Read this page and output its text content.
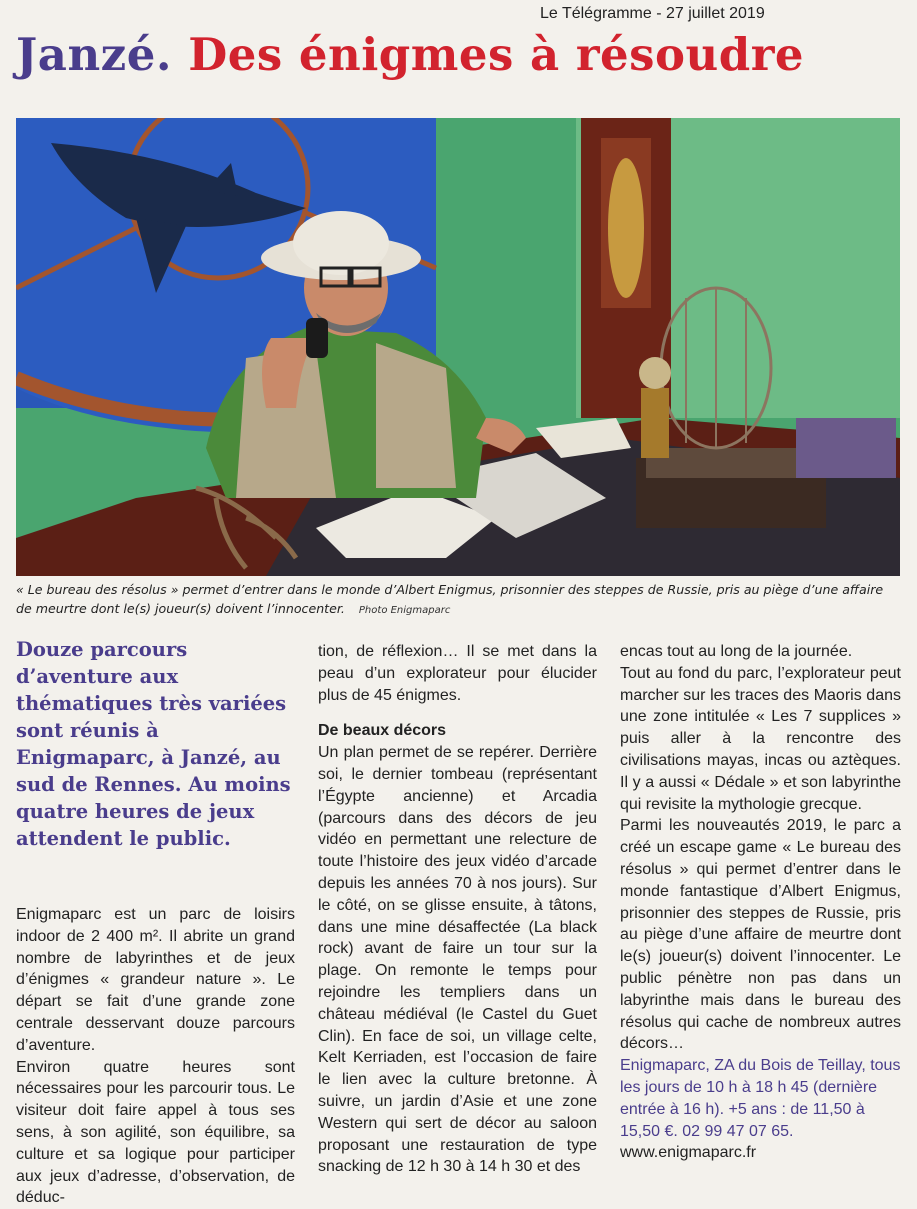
Le Télégramme - 27 juillet 2019
Janzé. Des énigmes à résoudre
« Le bureau des résolus » permet d’entrer dans le monde d’Albert Enigmus, prisonnier des steppes de Russie, pris au piège d’une affaire de meurtre dont le(s) joueur(s) doivent l’innocenter. Photo Enigmaparc

Douze parcours d’aventure aux thématiques très variées sont réunis à Enigmaparc, à Janzé, au sud de Rennes. Au moins quatre heures de jeux attendent le public.

Enigmaparc est un parc de loisirs indoor de 2 400 m². Il abrite un grand nombre de labyrinthes et de jeux d’énigmes « grandeur nature ». Le départ se fait d’une grande zone centrale desservant douze parcours d’aventure.

Environ quatre heures sont nécessaires pour les parcourir tous. Le visiteur doit faire appel à tous ses sens, à son agilité, son équilibre, sa culture et sa logique pour participer aux jeux d’adresse, d’observation, de déduc-

tion, de réflexion… Il se met dans la peau d’un explorateur pour élucider plus de 45 énigmes.

De beaux décors

Un plan permet de se repérer. Derrière soi, le dernier tombeau (représentant l’Égypte ancienne) et Arcadia (parcours dans des décors de jeu vidéo en permettant une relecture de toute l’histoire des jeux vidéo d’arcade depuis les années 70 à nos jours). Sur le côté, on se glisse ensuite, à tâtons, dans une mine désaffectée (La black rock) avant de faire un tour sur la plage. On remonte le temps pour rejoindre les templiers dans un château médiéval (le Castel du Guet Clin). En face de soi, un village celte, Kelt Kerriaden, est l’occasion de faire le lien avec la culture bretonne. À suivre, un jardin d’Asie et une zone Western qui sert de décor au saloon proposant une restauration de type snacking de 12 h 30 à 14 h 30 et des

encas tout au long de la journée.

Tout au fond du parc, l’explorateur peut marcher sur les traces des Maoris dans une zone intitulée « Les 7 supplices » puis aller à la rencontre des civilisations mayas, incas ou aztèques. Il y a aussi « Dédale » et son labyrinthe qui revisite la mythologie grecque.

Parmi les nouveautés 2019, le parc a créé un escape game « Le bureau des résolus » qui permet d’entrer dans le monde fantastique d’Albert Enigmus, prisonnier des steppes de Russie, pris au piège d’une affaire de meurtre dont le(s) joueur(s) doivent l’innocenter. Le public pénètre non pas dans un labyrinthe mais dans le bureau des résolus qui cache de nombreux autres décors…

Enigmaparc, ZA du Bois de Teillay, tous les jours de 10 h à 18 h 45 (dernière entrée à 16 h). +5 ans : de 11,50 à 15,50 €. 02 99 47 07 65.

www.enigmaparc.fr
